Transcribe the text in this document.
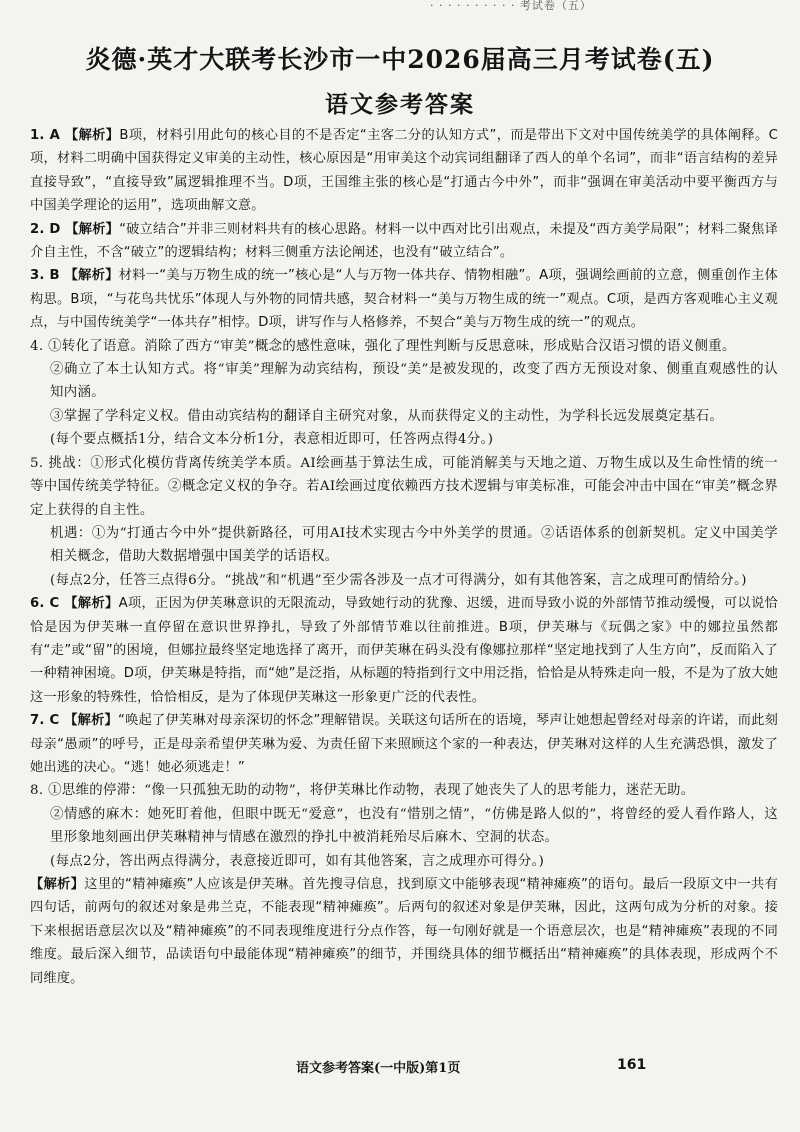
· · · · · · · · · · 考试卷（五）
炎德·英才大联考长沙市一中2026届高三月考试卷(五)
语文参考答案

1. A 【解析】B项，材料引用此句的核心目的不是否定“主客二分的认知方式”，而是带出下文对中国传统美学的具体阐释。C项，材料二明确中国获得定义审美的主动性，核心原因是“用审美这个动宾词组翻译了西人的单个名词”，而非“语言结构的差异直接导致”，“直接导致”属逻辑推理不当。D项，王国维主张的核心是“打通古今中外”，而非“强调在审美活动中要平衡西方与中国美学理论的运用”，选项曲解文意。

2. D 【解析】“破立结合”并非三则材料共有的核心思路。材料一以中西对比引出观点，未提及“西方美学局限”；材料二聚焦译介自主性，不含“破立”的逻辑结构；材料三侧重方法论阐述，也没有“破立结合”。

3. B 【解析】材料一“美与万物生成的统一”核心是“人与万物一体共存、情物相融”。A项，强调绘画前的立意，侧重创作主体构思。B项，“与花鸟共忧乐”体现人与外物的同情共感，契合材料一“美与万物生成的统一”观点。C项，是西方客观唯心主义观点，与中国传统美学“一体共存”相悖。D项，讲写作与人格修养，不契合“美与万物生成的统一”的观点。

4. ①转化了语意。消除了西方“审美”概念的感性意味，强化了理性判断与反思意味，形成贴合汉语习惯的语义侧重。

②确立了本土认知方式。将“审美”理解为动宾结构，预设“美”是被发现的，改变了西方无预设对象、侧重直观感性的认知内涵。

③掌握了学科定义权。借由动宾结构的翻译自主研究对象，从而获得定义的主动性，为学科长远发展奠定基石。

(每个要点概括1分，结合文本分析1分，表意相近即可，任答两点得4分。)

5. 挑战：①形式化模仿背离传统美学本质。AI绘画基于算法生成，可能消解美与天地之道、万物生成以及生命性情的统一等中国传统美学特征。②概念定义权的争夺。若AI绘画过度依赖西方技术逻辑与审美标准，可能会冲击中国在“审美”概念界定上获得的自主性。

机遇：①为“打通古今中外”提供新路径，可用AI技术实现古今中外美学的贯通。②话语体系的创新契机。定义中国美学相关概念，借助大数据增强中国美学的话语权。

(每点2分，任答三点得6分。“挑战”和“机遇”至少需各涉及一点才可得满分，如有其他答案，言之成理可酌情给分。)

6. C 【解析】A项，正因为伊芙琳意识的无限流动，导致她行动的犹豫、迟缓，进而导致小说的外部情节推动缓慢，可以说恰恰是因为伊芙琳一直停留在意识世界挣扎，导致了外部情节难以往前推进。B项，伊芙琳与《玩偶之家》中的娜拉虽然都有“走”或“留”的困境，但娜拉最终坚定地选择了离开，而伊芙琳在码头没有像娜拉那样“坚定地找到了人生方向”，反而陷入了一种精神困境。D项，伊芙琳是特指，而“她”是泛指，从标题的特指到行文中用泛指，恰恰是从特殊走向一般，不是为了放大她这一形象的特殊性，恰恰相反，是为了体现伊芙琳这一形象更广泛的代表性。

7. C 【解析】“唤起了伊芙琳对母亲深切的怀念”理解错误。关联这句话所在的语境，琴声让她想起曾经对母亲的许诺，而此刻母亲“愚顽”的呼号，正是母亲希望伊芙琳为爱、为责任留下来照顾这个家的一种表达，伊芙琳对这样的人生充满恐惧，激发了她出逃的决心。“逃！她必须逃走！”

8. ①思维的停滞：“像一只孤独无助的动物”，将伊芙琳比作动物，表现了她丧失了人的思考能力，迷茫无助。

②情感的麻木：她死盯着他，但眼中既无“爱意”，也没有“惜别之情”，“仿佛是路人似的”，将曾经的爱人看作路人，这里形象地刻画出伊芙琳精神与情感在激烈的挣扎中被消耗殆尽后麻木、空洞的状态。

(每点2分，答出两点得满分，表意接近即可，如有其他答案，言之成理亦可得分。)

【解析】这里的“精神瘫痪”人应该是伊芙琳。首先搜寻信息，找到原文中能够表现“精神瘫痪”的语句。最后一段原文中一共有四句话，前两句的叙述对象是弗兰克，不能表现“精神瘫痪”。后两句的叙述对象是伊芙琳，因此，这两句成为分析的对象。接下来根据语意层次以及“精神瘫痪”的不同表现维度进行分点作答，每一句刚好就是一个语意层次，也是“精神瘫痪”表现的不同维度。最后深入细节，品读语句中最能体现“精神瘫痪”的细节，并围绕具体的细节概括出“精神瘫痪”的具体表现，形成两个不同维度。

语文参考答案(一中版)第1页	161
